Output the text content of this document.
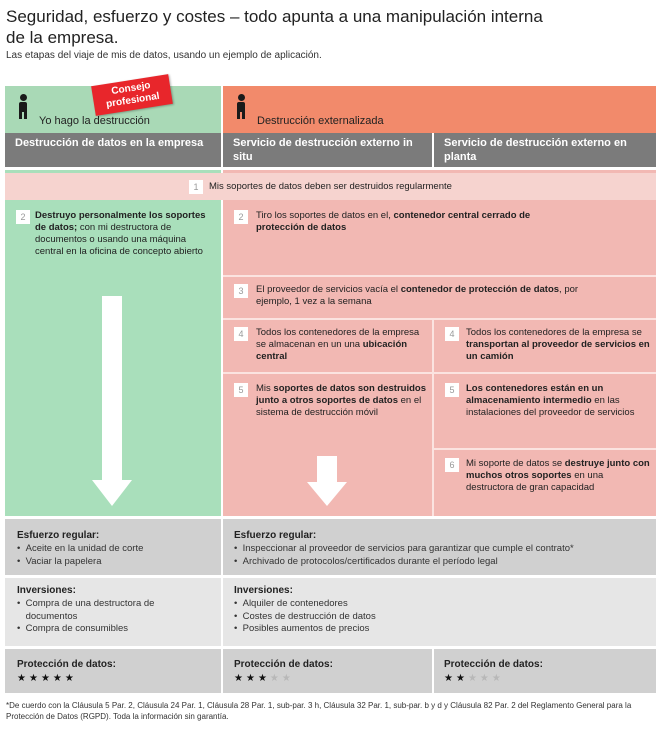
Seguridad, esfuerzo y costes – todo apunta a una manipulación interna de la empresa.
Las etapas del viaje de mis de datos, usando un ejemplo de aplicación.
Yo hago la destrucción	Destrucción externalizada
Consejo profesional
Destrucción de datos en la empresa	Servicio de destrucción externo in situ
Servicio de destrucción externo en planta
1	Mis soportes de datos deben ser destruidos regularmente
2	Destruyo personalmente los soportes de datos; con mi destructora de documentos o usando una máquina central en la oficina de concepto abierto
2	Tiro los soportes de datos en el, contenedor central cerrado de protección de datos
3	El proveedor de servicios vacía el contenedor de protección de datos, por ejemplo, 1 vez a la semana
4	Todos los contenedores de la empresa se almacenan en un una ubicación central
4	Todos los contenedores de la empresa se transportan al proveedor de servicios en un camión
5	Mis soportes de datos son destruidos junto a otros soportes de datos en el sistema de destrucción móvil
5	Los contenedores están en un almacenamiento intermedio en las instalaciones del proveedor de servicios
6	Mi soporte de datos se destruye junto con muchos otros soportes en una destructora de gran capacidad
Esfuerzo regular:
•  Aceite en la unidad de corte
•  Vaciar la papelera
Esfuerzo regular:
•  Inspeccionar al proveedor de servicios para garantizar que cumple el contrato*
•  Archivado de protocolos/certificados durante el período legal
Inversiones:
• Compra de una destructora de documentos
•  Compra de consumibles
Inversiones:
•  Alquiler de contenedores
•  Costes de destrucción de datos
•  Posibles aumentos de precios
Protección de datos:
★★★★★
Protección de datos:
★★★★★
Protección de datos:
★★★★★
*De cuerdo con la Cláusula 5 Par. 2, Cláusula 24 Par. 1, Cláusula 28 Par. 1, sub-par. 3 h, Cláusula 32 Par. 1, sub-par. b y d y Cláusula 82 Par. 2 del Reglamento General para la Protección de Datos (RGPD). Toda la información sin garantía.
